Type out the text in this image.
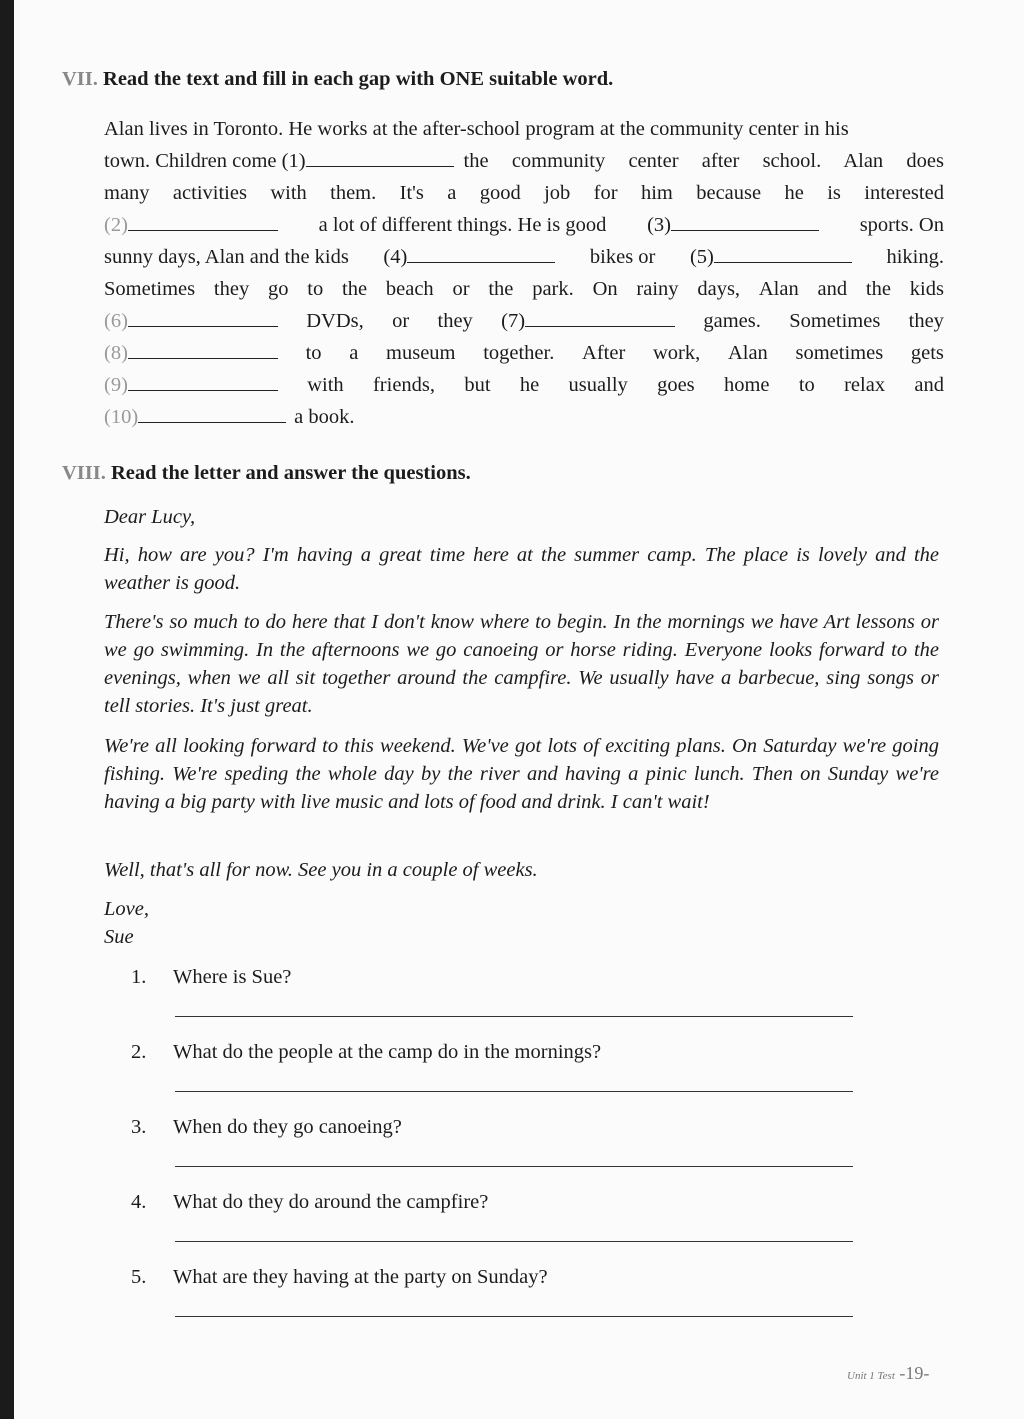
VII. Read the text and fill in each gap with ONE suitable word.
Alan lives in Toronto. He works at the after-school program at the community center in his
town. Children come (1)	the community center after school. Alan does
many activities with them. It's a good job for him because he is interested
(2)	a lot of different things. He is good (3)	sports. On
sunny days, Alan and the kids (4)	bikes or (5)	hiking.
Sometimes they go to the beach or the park. On rainy days, Alan and the kids
(6)	DVDs, or they (7)	games. Sometimes they
(8)	to a museum together. After work, Alan sometimes gets
(9)	with friends, but he usually goes home to relax and
(10)	a book.
VIII. Read the letter and answer the questions.
Dear Lucy,
Hi, how are you? I'm having a great time here at the summer camp. The place is lovely and the weather is good.
There's so much to do here that I don't know where to begin. In the mornings we have Art lessons or we go swimming. In the afternoons we go canoeing or horse riding. Everyone looks forward to the evenings, when we all sit together around the campfire. We usually have a barbecue, sing songs or tell stories. It's just great.
We're all looking forward to this weekend. We've got lots of exciting plans. On Saturday we're going fishing. We're speding the whole day by the river and having a pinic lunch. Then on Sunday we're having a big party with live music and lots of food and drink. I can't wait!
Well, that's all for now. See you in a couple of weeks.
Love,
Sue
1. Where is Sue?
2. What do the people at the camp do in the mornings?
3. When do they go canoeing?
4. What do they do around the campfire?
5. What are they having at the party on Sunday?
Unit 1 Test -19-
